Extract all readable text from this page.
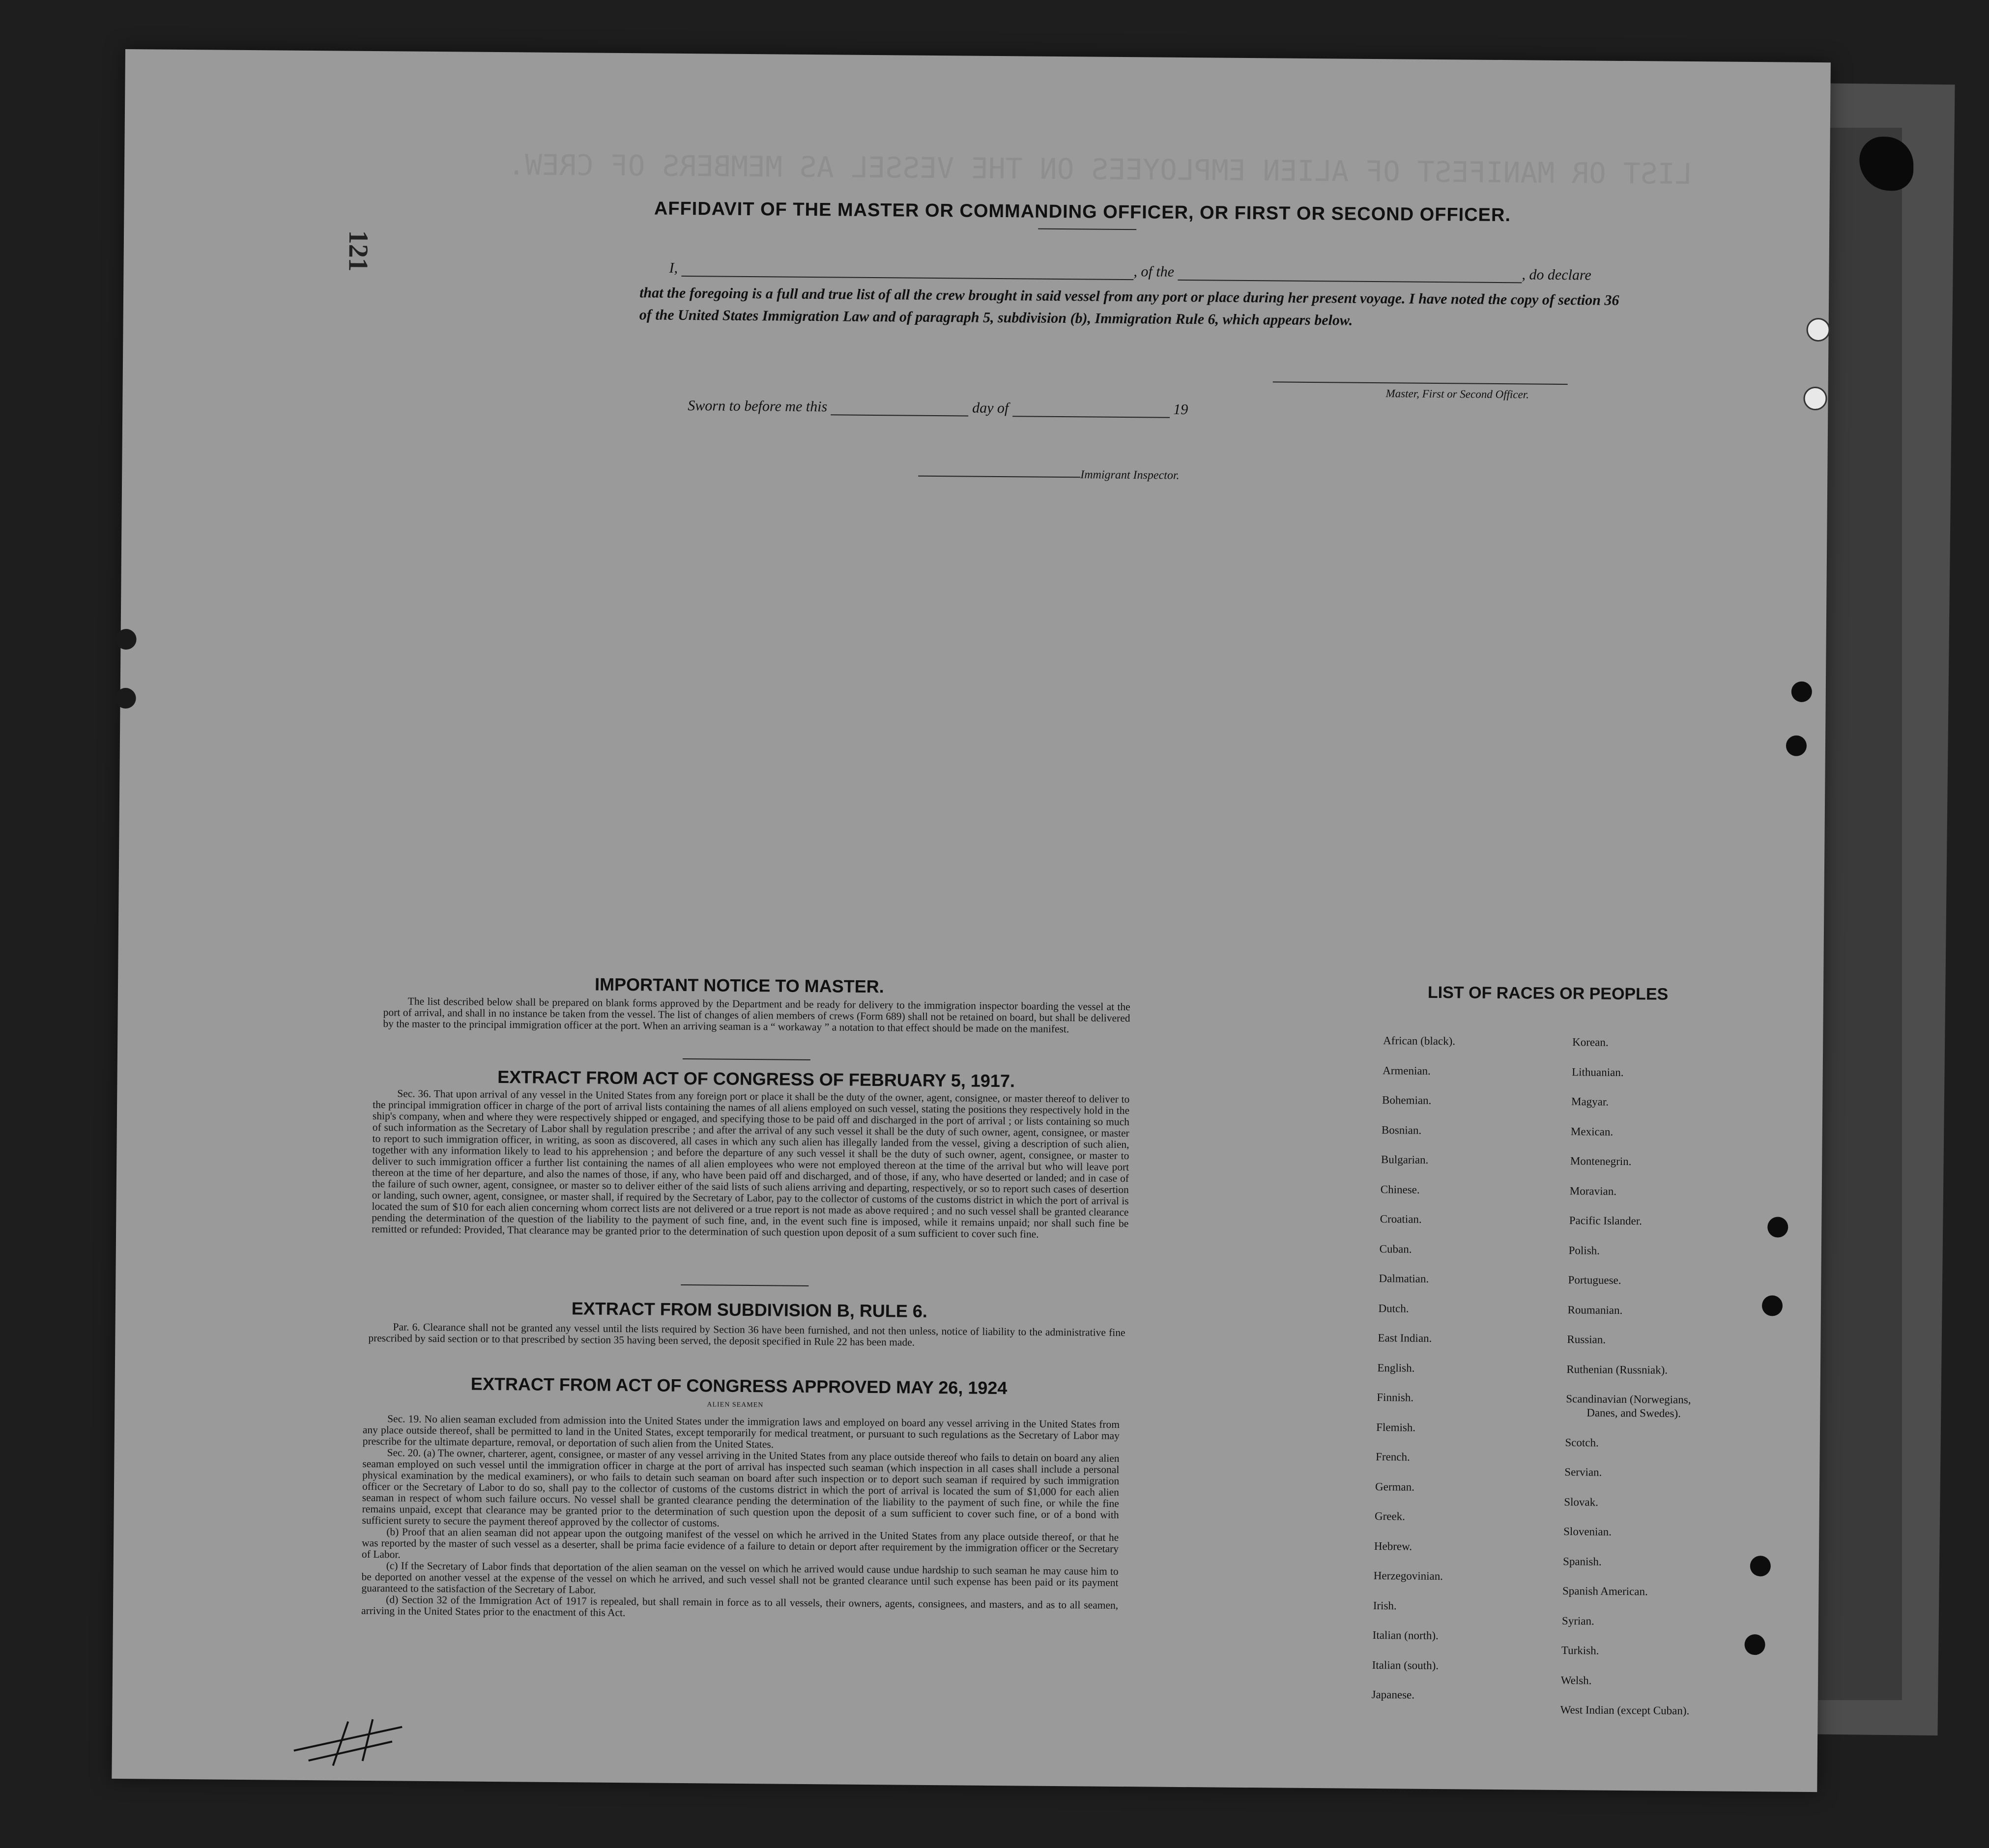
LIST OR MANIFEST OF ALIEN EMPLOYEES ON THE VESSEL AS MEMBERS OF CREW.
121
AFFIDAVIT OF THE MASTER OR COMMANDING OFFICER, OR FIRST OR SECOND OFFICER.
I,	, of the	, do declare
that the foregoing is a full and true list of all the crew brought in said vessel from any port or place during her present voyage. I have noted the copy of section 36 of the United States Immigration Law and of paragraph 5, subdivision (b), Immigration Rule 6, which appears below.
Master, First or Second Officer.
Sworn to before me this	day of	19
Immigrant Inspector.
IMPORTANT NOTICE TO MASTER.
The list described below shall be prepared on blank forms approved by the Department and be ready for delivery to the immigration inspector boarding the vessel at the port of arrival, and shall in no instance be taken from the vessel. The list of changes of alien members of crews (Form 689) shall not be retained on board, but shall be delivered by the master to the principal immigration officer at the port. When an arriving seaman is a “ workaway ” a notation to that effect should be made on the manifest.
EXTRACT FROM ACT OF CONGRESS OF FEBRUARY 5, 1917.
Sec. 36. That upon arrival of any vessel in the United States from any foreign port or place it shall be the duty of the owner, agent, consignee, or master thereof to deliver to the principal immigration officer in charge of the port of arrival lists containing the names of all aliens employed on such vessel, stating the positions they respectively hold in the ship's company, when and where they were respectively shipped or engaged, and specifying those to be paid off and discharged in the port of arrival ; or lists containing so much of such information as the Secretary of Labor shall by regulation prescribe ; and after the arrival of any such vessel it shall be the duty of such owner, agent, consignee, or master to report to such immigration officer, in writing, as soon as discovered, all cases in which any such alien has illegally landed from the vessel, giving a description of such alien, together with any information likely to lead to his apprehension ; and before the departure of any such vessel it shall be the duty of such owner, agent, consignee, or master to deliver to such immigration officer a further list containing the names of all alien employees who were not employed thereon at the time of the arrival but who will leave port thereon at the time of her departure, and also the names of those, if any, who have been paid off and discharged, and of those, if any, who have deserted or landed; and in case of the failure of such owner, agent, consignee, or master so to deliver either of the said lists of such aliens arriving and departing, respectively, or so to report such cases of desertion or landing, such owner, agent, consignee, or master shall, if required by the Secretary of Labor, pay to the collector of customs of the customs district in which the port of arrival is located the sum of $10 for each alien concerning whom correct lists are not delivered or a true report is not made as above required ; and no such vessel shall be granted clearance pending the determination of the question of the liability to the payment of such fine, and, in the event such fine is imposed, while it remains unpaid; nor shall such fine be remitted or refunded: Provided, That clearance may be granted prior to the determination of such question upon deposit of a sum sufficient to cover such fine.
EXTRACT FROM SUBDIVISION B, RULE 6.
Par. 6. Clearance shall not be granted any vessel until the lists required by Section 36 have been furnished, and not then unless, notice of liability to the administrative fine prescribed by said section or to that prescribed by section 35 having been served, the deposit specified in Rule 22 has been made.
EXTRACT FROM ACT OF CONGRESS APPROVED MAY 26, 1924
ALIEN SEAMEN
Sec. 19. No alien seaman excluded from admission into the United States under the immigration laws and employed on board any vessel arriving in the United States from any place outside thereof, shall be permitted to land in the United States, except temporarily for medical treatment, or pursuant to such regulations as the Secretary of Labor may prescribe for the ultimate departure, removal, or deportation of such alien from the United States.
Sec. 20. (a) The owner, charterer, agent, consignee, or master of any vessel arriving in the United States from any place outside thereof who fails to detain on board any alien seaman employed on such vessel until the immigration officer in charge at the port of arrival has inspected such seaman (which inspection in all cases shall include a personal physical examination by the medical examiners), or who fails to detain such seaman on board after such inspection or to deport such seaman if required by such immigration officer or the Secretary of Labor to do so, shall pay to the collector of customs of the customs district in which the port of arrival is located the sum of $1,000 for each alien seaman in respect of whom such failure occurs. No vessel shall be granted clearance pending the determination of the liability to the payment of such fine, or while the fine remains unpaid, except that clearance may be granted prior to the determination of such question upon the deposit of a sum sufficient to cover such fine, or of a bond with sufficient surety to secure the payment thereof approved by the collector of customs.
(b) Proof that an alien seaman did not appear upon the outgoing manifest of the vessel on which he arrived in the United States from any place outside thereof, or that he was reported by the master of such vessel as a deserter, shall be prima facie evidence of a failure to detain or deport after requirement by the immigration officer or the Secretary of Labor.
(c) If the Secretary of Labor finds that deportation of the alien seaman on the vessel on which he arrived would cause undue hardship to such seaman he may cause him to be deported on another vessel at the expense of the vessel on which he arrived, and such vessel shall not be granted clearance until such expense has been paid or its payment guaranteed to the satisfaction of the Secretary of Labor.
(d) Section 32 of the Immigration Act of 1917 is repealed, but shall remain in force as to all vessels, their owners, agents, consignees, and masters, and as to all seamen, arriving in the United States prior to the enactment of this Act.
LIST OF RACES OR PEOPLES
African (black).
Armenian.
Bohemian.
Bosnian.
Bulgarian.
Chinese.
Croatian.
Cuban.
Dalmatian.
Dutch.
East Indian.
English.
Finnish.
Flemish.
French.
German.
Greek.
Hebrew.
Herzegovinian.
Irish.
Italian (north).
Italian (south).
Japanese.
Korean.
Lithuanian.
Magyar.
Mexican.
Montenegrin.
Moravian.
Pacific Islander.
Polish.
Portuguese.
Roumanian.
Russian.
Ruthenian (Russniak).
Scandinavian (Norwegians,
Danes, and Swedes).
Scotch.
Servian.
Slovak.
Slovenian.
Spanish.
Spanish American.
Syrian.
Turkish.
Welsh.
West Indian (except Cuban).
